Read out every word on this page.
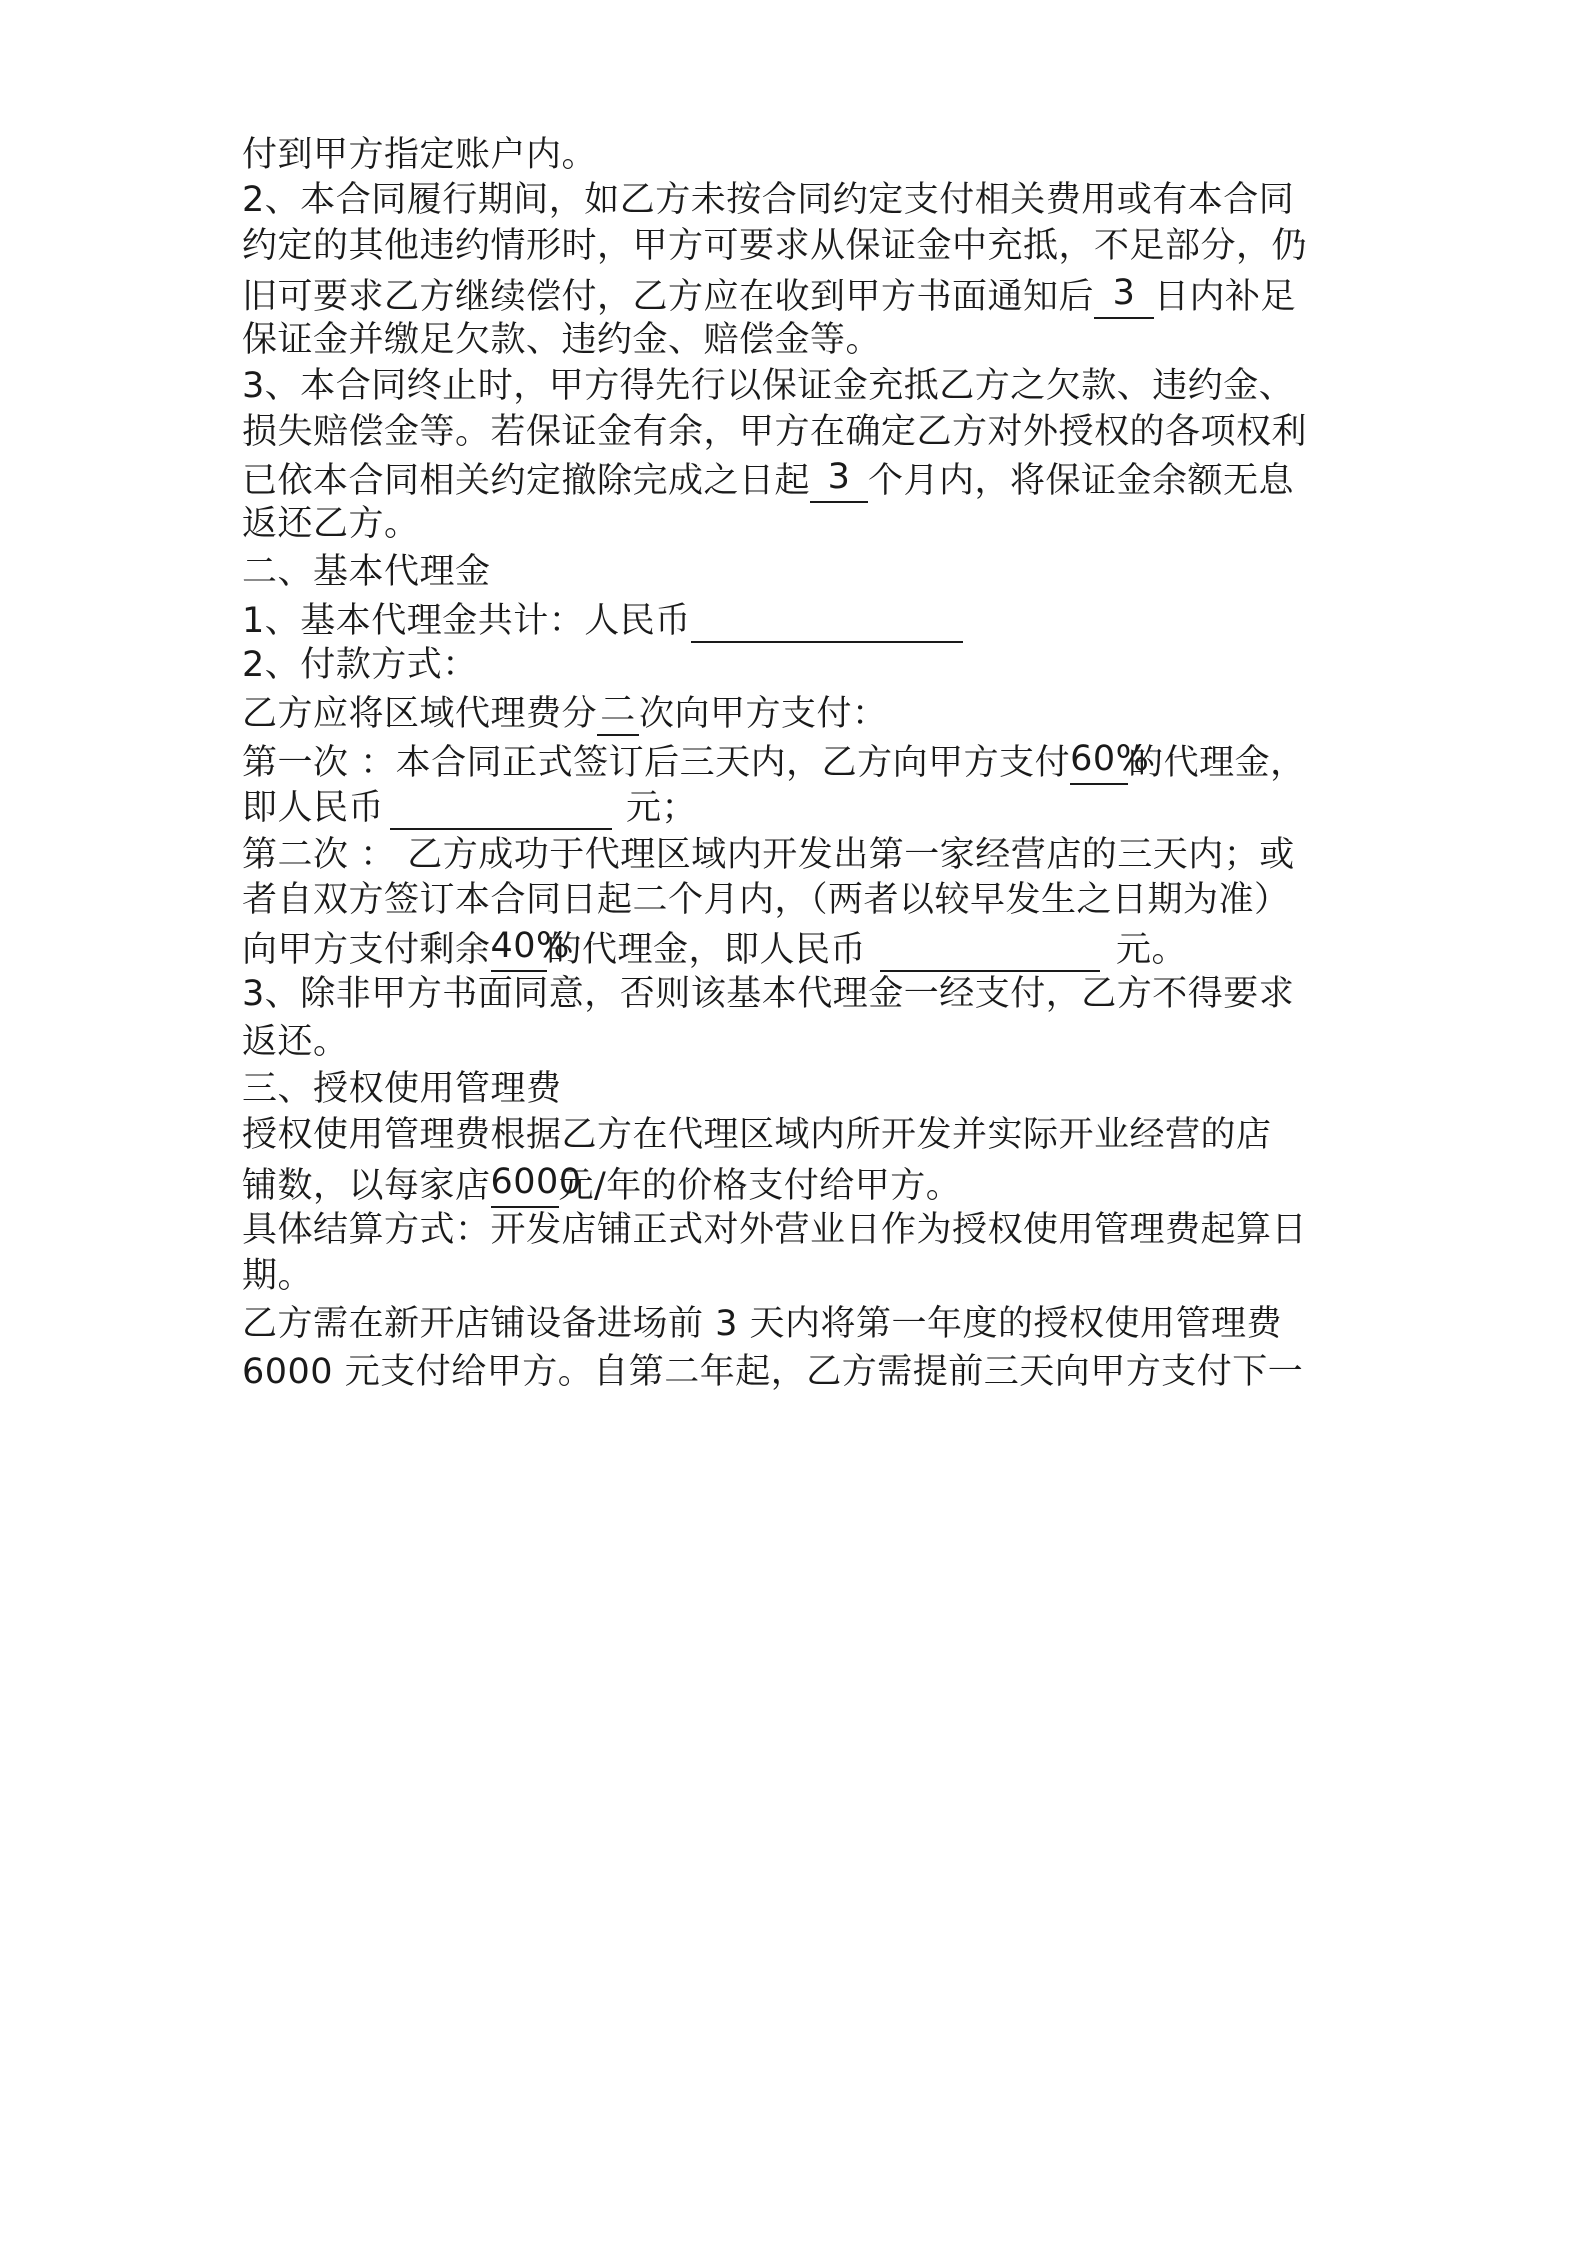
付到甲方指定账户内。
2、本合同履行期间，如乙方未按合同约定支付相关费用或有本合同
约定的其他违约情形时，甲方可要求从保证金中充抵，不足部分，仍
旧可要求乙方继续偿付，乙方应在收到甲方书面通知后 3 日内补足
保证金并缴足欠款、违约金、赔偿金等。
3、本合同终止时，甲方得先行以保证金充抵乙方之欠款、违约金、
损失赔偿金等。若保证金有余，甲方在确定乙方对外授权的各项权利
已依本合同相关约定撤除完成之日起 3 个月内，将保证金余额无息
返还乙方。
二、基本代理金
1、基本代理金共计：人民币
2、付款方式：
乙方应将区域代理费分二次向甲方支付：
第一次 ：本合同正式签订后三天内，乙方向甲方支付60%的代理金，
即人民币	元；
第二次 ： 乙方成功于代理区域内开发出第一家经营店的三天内；或
者自双方签订本合同日起二个月内，（两者以较早发生之日期为准）
向甲方支付剩余40%的代理金，即人民币	元。
3、除非甲方书面同意，否则该基本代理金一经支付，乙方不得要求
返还。
三、授权使用管理费
授权使用管理费根据乙方在代理区域内所开发并实际开业经营的店
铺数，以每家店6000元/年的价格支付给甲方。
具体结算方式：开发店铺正式对外营业日作为授权使用管理费起算日
期。
乙方需在新开店铺设备进场前 3 天内将第一年度的授权使用管理费
6000 元支付给甲方。自第二年起，乙方需提前三天向甲方支付下一
